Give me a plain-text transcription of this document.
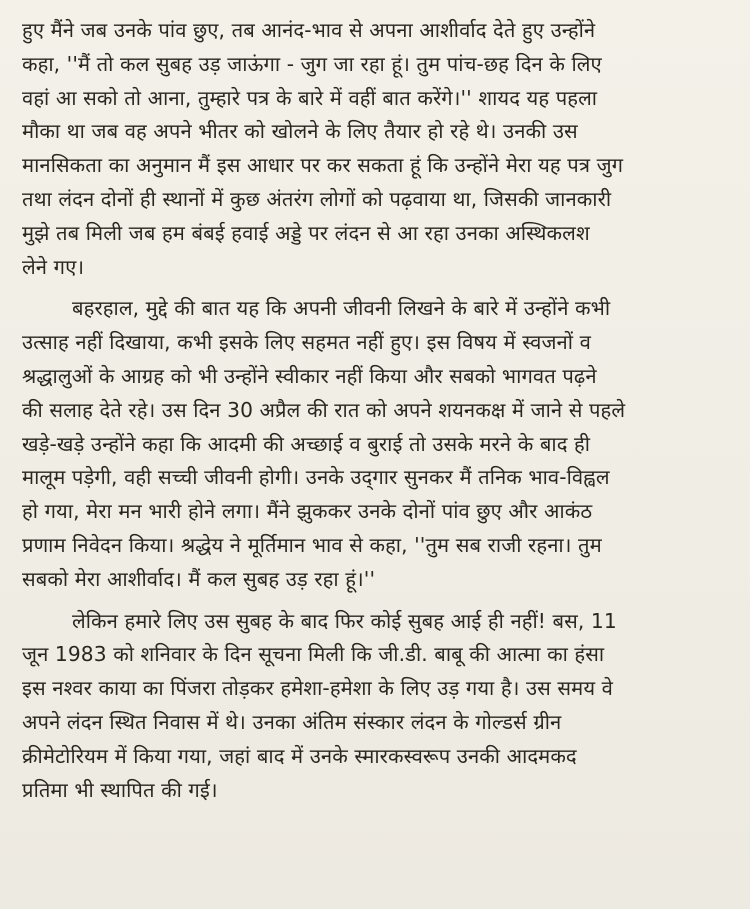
हुए मैंने जब उनके पांव छुए, तब आनंद-भाव से अपना आशीर्वाद देते हुए उन्होंने
कहा, ''मैं तो कल सुबह उड़ जाऊंगा - जुग जा रहा हूं। तुम पांच-छह दिन के लिए
वहां आ सको तो आना, तुम्हारे पत्र के बारे में वहीं बात करेंगे।'' शायद यह पहला
मौका था जब वह अपने भीतर को खोलने के लिए तैयार हो रहे थे। उनकी उस
मानसिकता का अनुमान मैं इस आधार पर कर सकता हूं कि उन्होंने मेरा यह पत्र जुग
तथा लंदन दोनों ही स्थानों में कुछ अंतरंग लोगों को पढ़वाया था, जिसकी जानकारी
मुझे तब मिली जब हम बंबई हवाई अड्डे पर लंदन से आ रहा उनका अस्थिकलश
लेने गए।
बहरहाल, मुद्दे की बात यह कि अपनी जीवनी लिखने के बारे में उन्होंने कभी
उत्साह नहीं दिखाया, कभी इसके लिए सहमत नहीं हुए। इस विषय में स्वजनों व
श्रद्धालुओं के आग्रह को भी उन्होंने स्वीकार नहीं किया और सबको भागवत पढ़ने
की सलाह देते रहे। उस दिन 30 अप्रैल की रात को अपने शयनकक्ष में जाने से पहले
खड़े-खड़े उन्होंने कहा कि आदमी की अच्छाई व बुराई तो उसके मरने के बाद ही
मालूम पड़ेगी, वही सच्ची जीवनी होगी। उनके उद्‌गार सुनकर मैं तनिक भाव-विह्वल
हो गया, मेरा मन भारी होने लगा। मैंने झुककर उनके दोनों पांव छुए और आकंठ
प्रणाम निवेदन किया। श्रद्धेय ने मूर्तिमान भाव से कहा, ''तुम सब राजी रहना। तुम
सबको मेरा आशीर्वाद। मैं कल सुबह उड़ रहा हूं।''
लेकिन हमारे लिए उस सुबह के बाद फिर कोई सुबह आई ही नहीं! बस, 11
जून 1983 को शनिवार के दिन सूचना मिली कि जी.डी. बाबू की आत्मा का हंसा
इस नश्वर काया का पिंजरा तोड़कर हमेशा-हमेशा के लिए उड़ गया है। उस समय वे
अपने लंदन स्थित निवास में थे। उनका अंतिम संस्कार लंदन के गोल्डर्स ग्रीन
क्रीमेटोरियम में किया गया, जहां बाद में उनके स्मारकस्वरूप उनकी आदमकद
प्रतिमा भी स्थापित की गई।
